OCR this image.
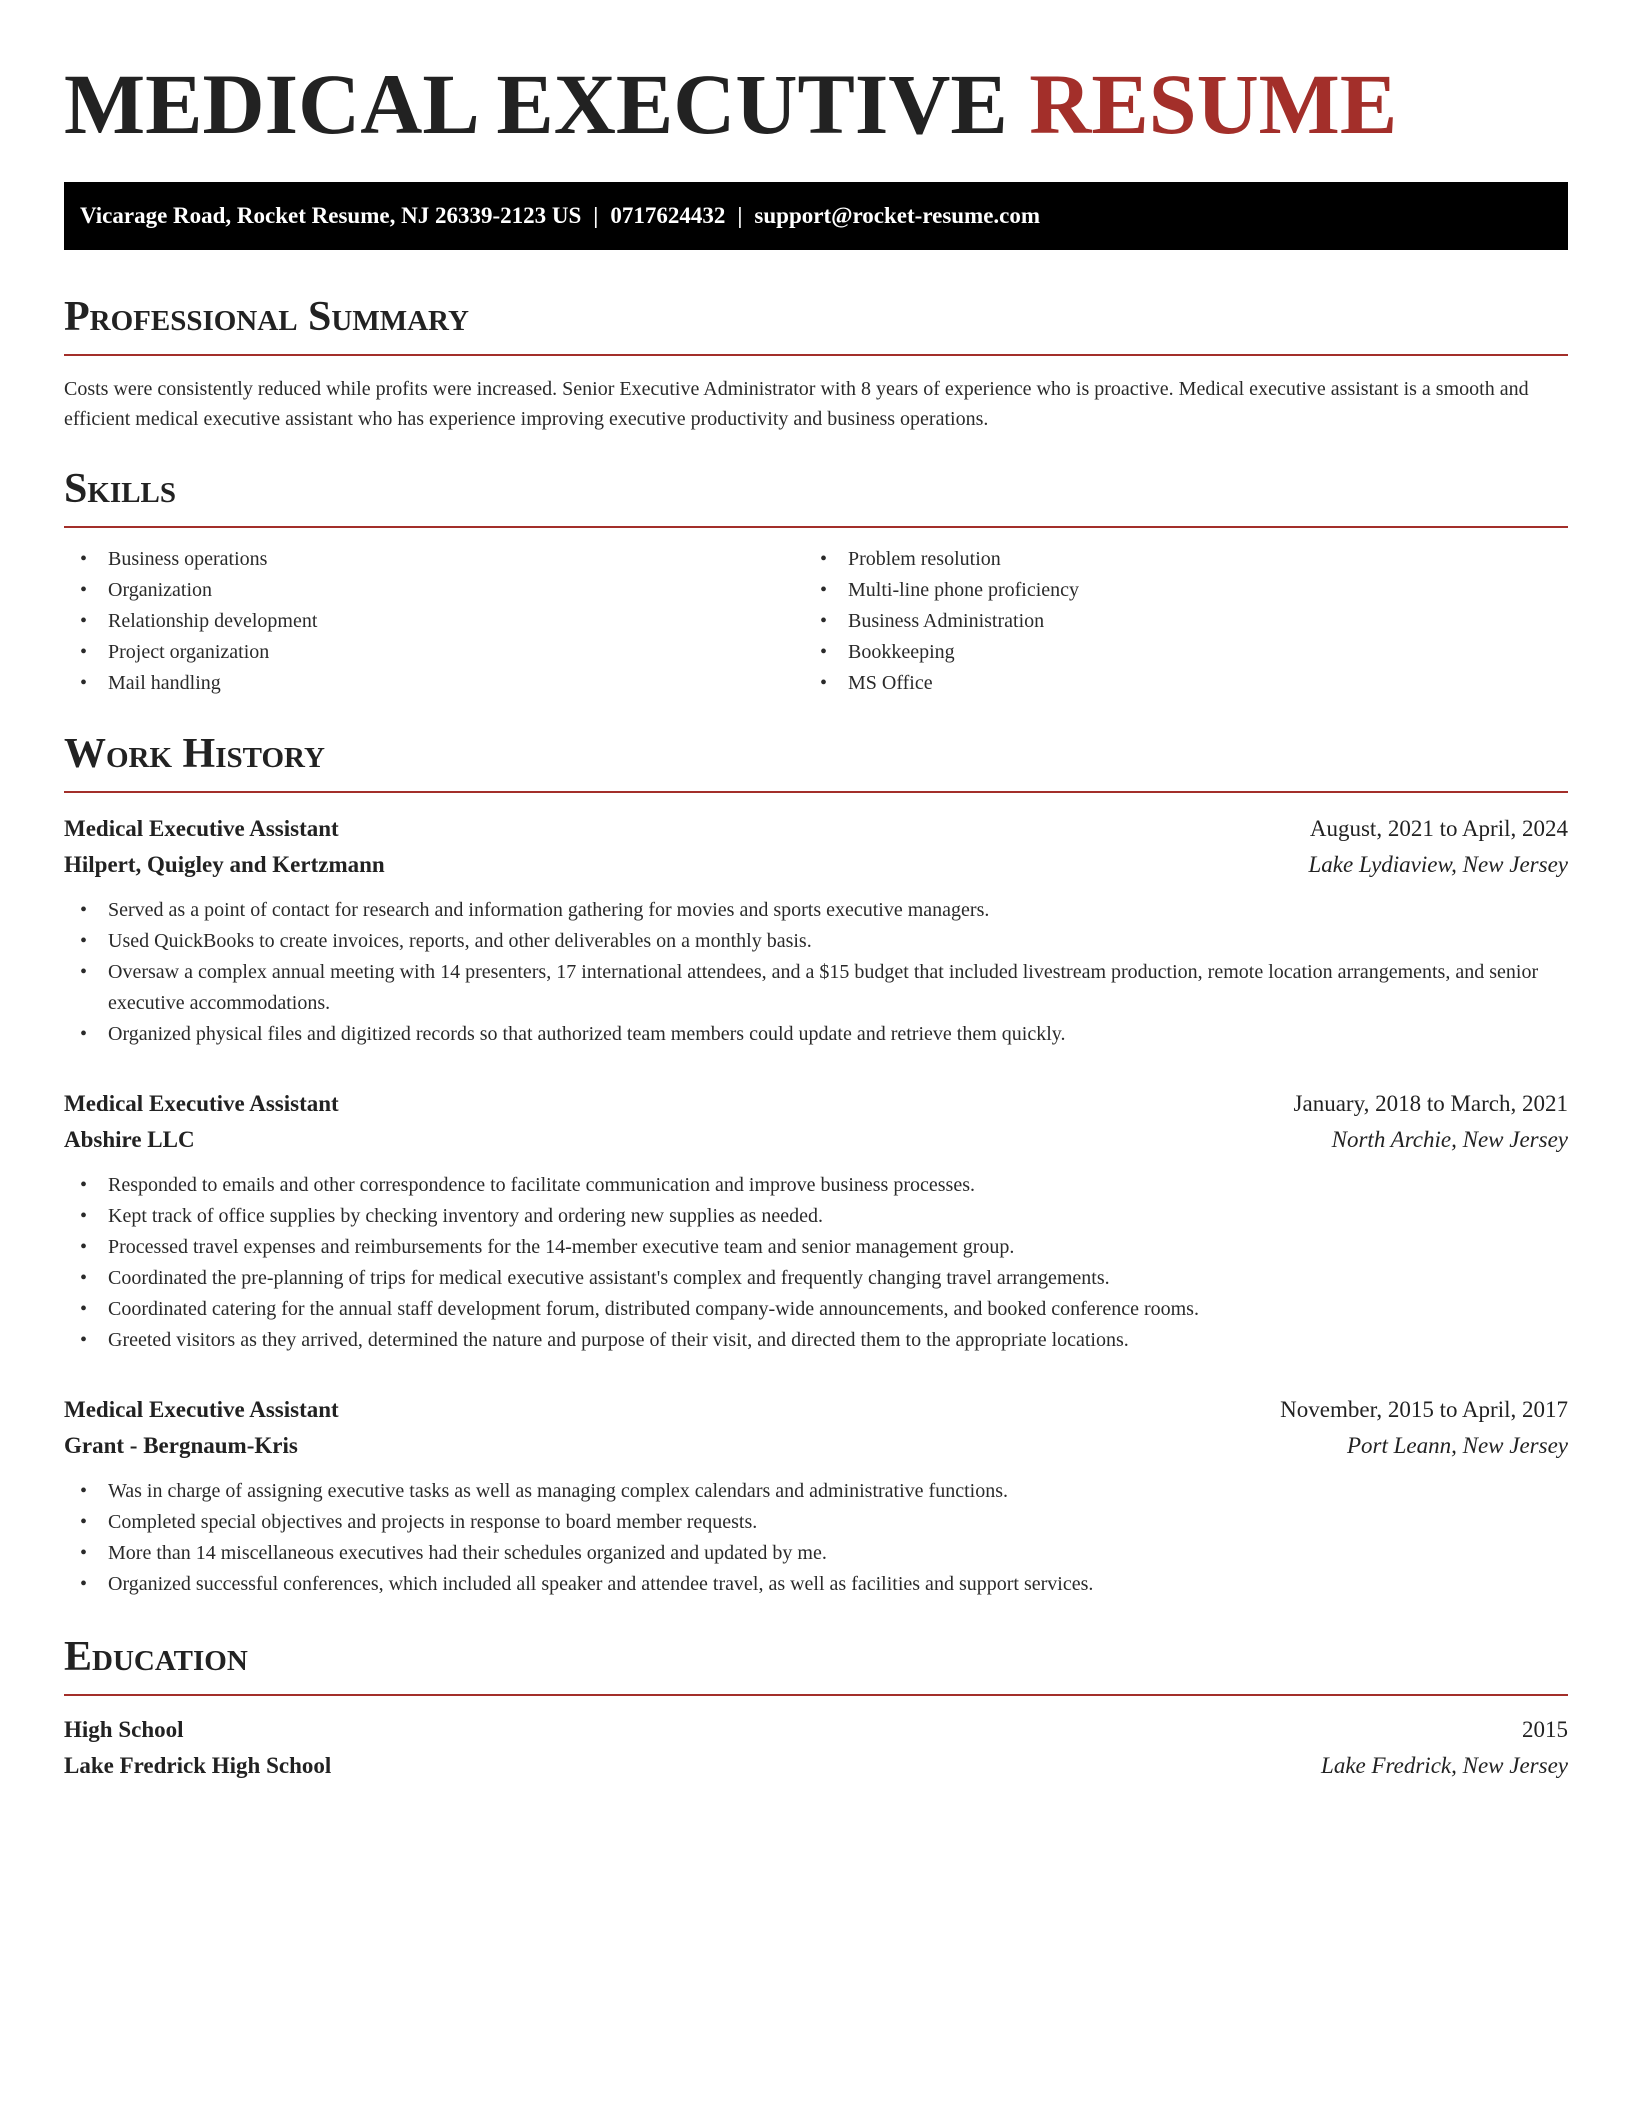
MEDICAL EXECUTIVE RESUME
Vicarage Road, Rocket Resume, NJ 26339-2123 US | 0717624432 | support@rocket-resume.com
Professional Summary

Costs were consistently reduced while profits were increased. Senior Executive Administrator with 8 years of experience who is proactive. Medical executive assistant is a smooth and efficient medical executive assistant who has experience improving executive productivity and business operations.

Skills
• Business operations
• Organization
• Relationship development
• Project organization
• Mail handling
• Problem resolution
• Multi-line phone proficiency
• Business Administration
• Bookkeeping
• MS Office
Work History
Medical Executive Assistant	August, 2021 to April, 2024
Hilpert, Quigley and Kertzmann	Lake Lydiaview, New Jersey
• Served as a point of contact for research and information gathering for movies and sports executive managers.
• Used QuickBooks to create invoices, reports, and other deliverables on a monthly basis.
• Oversaw a complex annual meeting with 14 presenters, 17 international attendees, and a $15 budget that included livestream production, remote location arrangements, and senior executive accommodations.
• Organized physical files and digitized records so that authorized team members could update and retrieve them quickly.
Medical Executive Assistant	January, 2018 to March, 2021
Abshire LLC	North Archie, New Jersey
• Responded to emails and other correspondence to facilitate communication and improve business processes.
• Kept track of office supplies by checking inventory and ordering new supplies as needed.
• Processed travel expenses and reimbursements for the 14-member executive team and senior management group.
• Coordinated the pre-planning of trips for medical executive assistant's complex and frequently changing travel arrangements.
• Coordinated catering for the annual staff development forum, distributed company-wide announcements, and booked conference rooms.
• Greeted visitors as they arrived, determined the nature and purpose of their visit, and directed them to the appropriate locations.
Medical Executive Assistant	November, 2015 to April, 2017
Grant - Bergnaum-Kris	Port Leann, New Jersey
• Was in charge of assigning executive tasks as well as managing complex calendars and administrative functions.
• Completed special objectives and projects in response to board member requests.
• More than 14 miscellaneous executives had their schedules organized and updated by me.
• Organized successful conferences, which included all speaker and attendee travel, as well as facilities and support services.
Education
High School	2015
Lake Fredrick High School	Lake Fredrick, New Jersey
